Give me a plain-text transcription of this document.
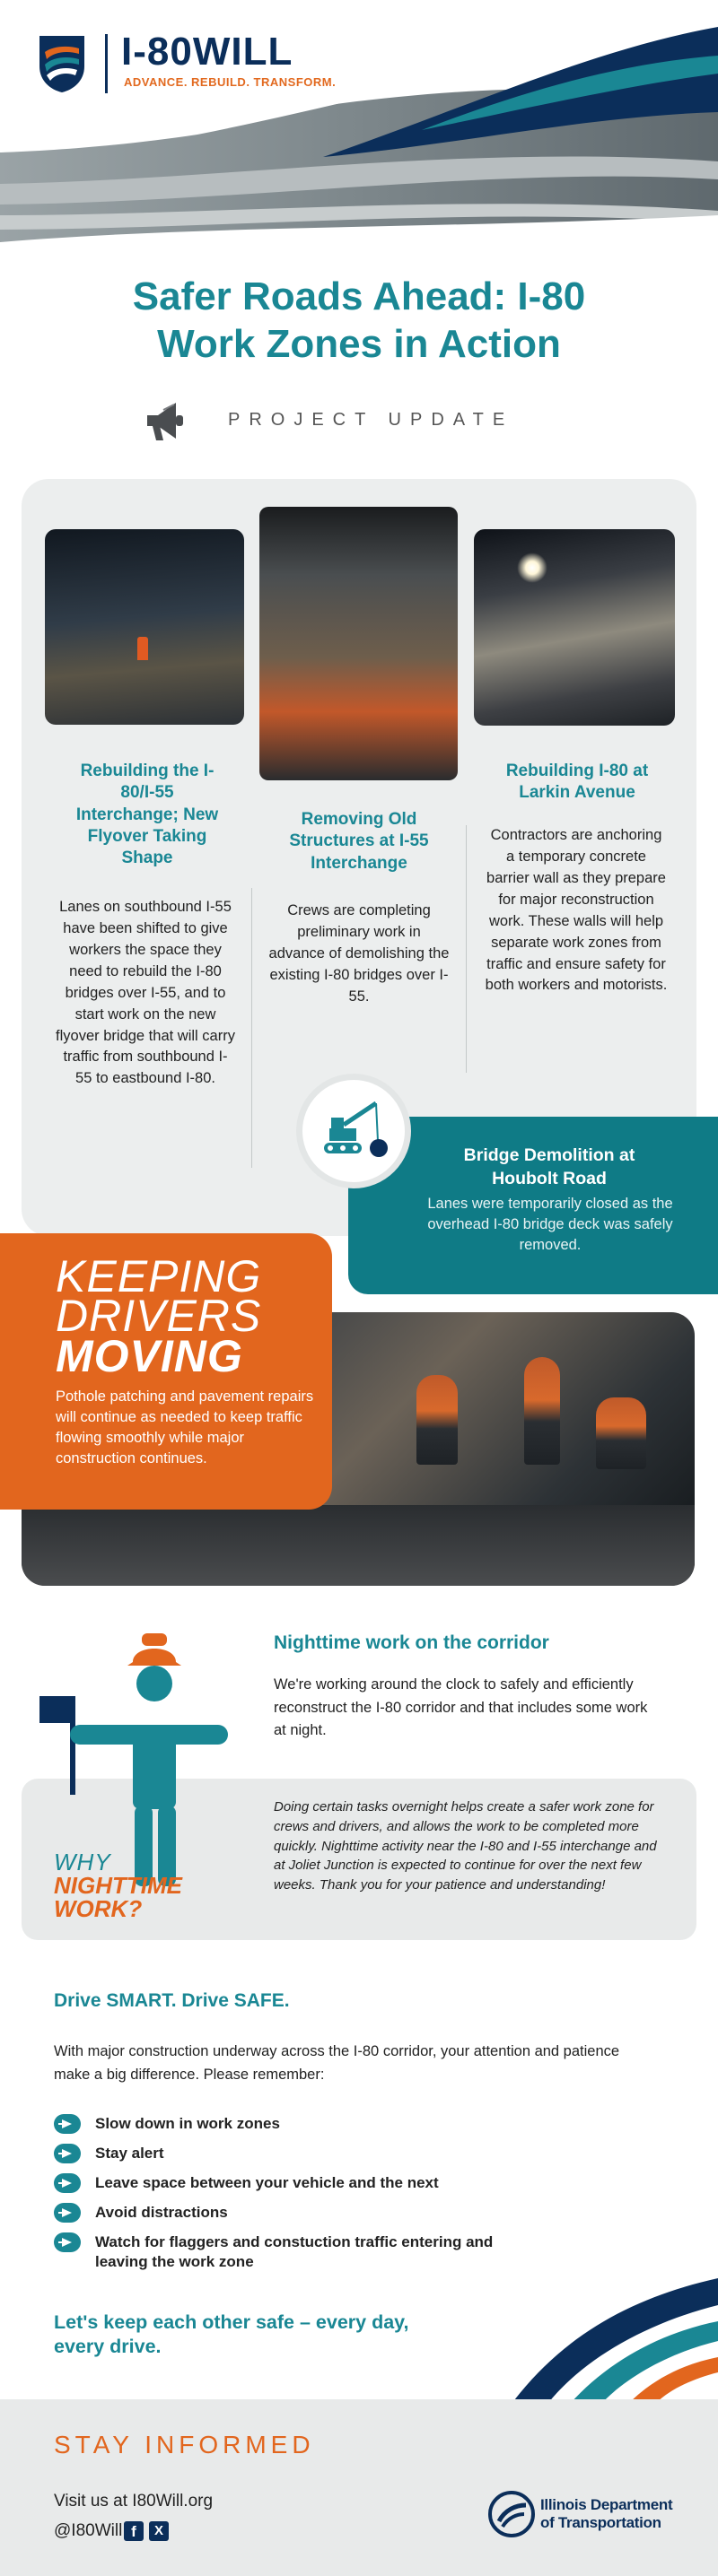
I-80WILL
ADVANCE. REBUILD. TRANSFORM.
Safer Roads Ahead: I-80 Work Zones in Action
PROJECT UPDATE
Rebuilding the I-80/I-55 Interchange; New Flyover Taking Shape
Lanes on southbound I-55 have been shifted to give workers the space they need to rebuild the I-80 bridges over I-55, and to start work on the new flyover bridge that will carry traffic from southbound I-55 to eastbound I-80.
Removing Old Structures at I-55 Interchange
Crews are completing preliminary work in advance of demolishing the existing I-80 bridges over I-55.
Rebuilding I-80 at Larkin Avenue
Contractors are anchoring a temporary concrete barrier wall as they prepare for major reconstruction work. These walls will help separate work zones from traffic and ensure safety for both workers and motorists.
Bridge Demolition at Houbolt Road
Lanes were temporarily closed as the overhead I-80 bridge deck was safely removed.
KEEPING
DRIVERS
MOVING
Pothole patching and pavement repairs will continue as needed to keep traffic flowing smoothly while major construction continues.
Nighttime work on the corridor
We're working around the clock to safely and efficiently reconstruct the I-80 corridor and that includes some work at night.
WHY
NIGHTTIME
WORK?
Doing certain tasks overnight helps create a safer work zone for crews and drivers, and allows the work to be completed more quickly. Nighttime activity near the I-80 and I-55 interchange and at Joliet Junction is expected to continue for over the next few weeks. Thank you for your patience and understanding!
Drive SMART. Drive SAFE.
With major construction underway across the I-80 corridor, your attention and patience make a big difference. Please remember:
Slow down in work zones
Stay alert
Leave space between your vehicle and the next
Avoid distractions
Watch for flaggers and constuction traffic entering and leaving the work zone
Let's keep each other safe – every day, every drive.
STAY INFORMED
Visit us at I80Will.org
@I80Will f	X
Illinois Department
of Transportation
